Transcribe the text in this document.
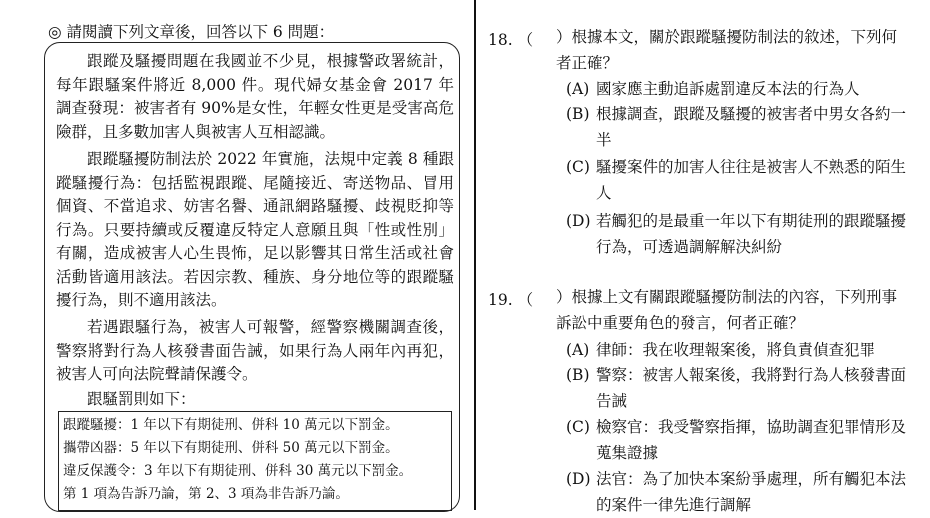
◎ 請閱讀下列文章後，回答以下 6 問題：

跟蹤及騷擾問題在我國並不少見，根據警政署統計，每年跟騷案件將近 8,000 件。現代婦女基金會 2017 年調查發現：被害者有 90%是女性，年輕女性更是受害高危險群，且多數加害人與被害人互相認識。

跟蹤騷擾防制法於 2022 年實施，法規中定義 8 種跟蹤騷擾行為：包括監視跟蹤、尾隨接近、寄送物品、冒用個資、不當追求、妨害名譽、通訊網路騷擾、歧視貶抑等行為。只要持續或反覆違反特定人意願且與「性或性別」有關，造成被害人心生畏怖，足以影響其日常生活或社會活動皆適用該法。若因宗教、種族、身分地位等的跟蹤騷擾行為，則不適用該法。

若遇跟騷行為，被害人可報警，經警察機關調查後，警察將對行為人核發書面告誡，如果行為人兩年內再犯，被害人可向法院聲請保護令。

跟騷罰則如下：

跟蹤騷擾：1 年以下有期徒刑、併科 10 萬元以下罰金。
攜帶凶器：5 年以下有期徒刑、併科 50 萬元以下罰金。
違反保護令：3 年以下有期徒刑、併科 30 萬元以下罰金。
第 1 項為告訴乃論，第 2、3 項為非告訴乃論。
18. （ ）根據本文，關於跟蹤騷擾防制法的敘述，下列何者正確？
(A) 國家應主動追訴處罰違反本法的行為人
(B) 根據調查，跟蹤及騷擾的被害者中男女各約一半
(C) 騷擾案件的加害人往往是被害人不熟悉的陌生人
(D) 若觸犯的是最重一年以下有期徒刑的跟蹤騷擾行為，可透過調解解決糾紛
19. （ ）根據上文有關跟蹤騷擾防制法的內容，下列刑事訴訟中重要角色的發言，何者正確？
(A) 律師：我在收理報案後，將負責偵查犯罪
(B) 警察：被害人報案後，我將對行為人核發書面告誡
(C) 檢察官：我受警察指揮，協助調查犯罪情形及蒐集證據
(D) 法官：為了加快本案紛爭處理，所有觸犯本法的案件一律先進行調解
